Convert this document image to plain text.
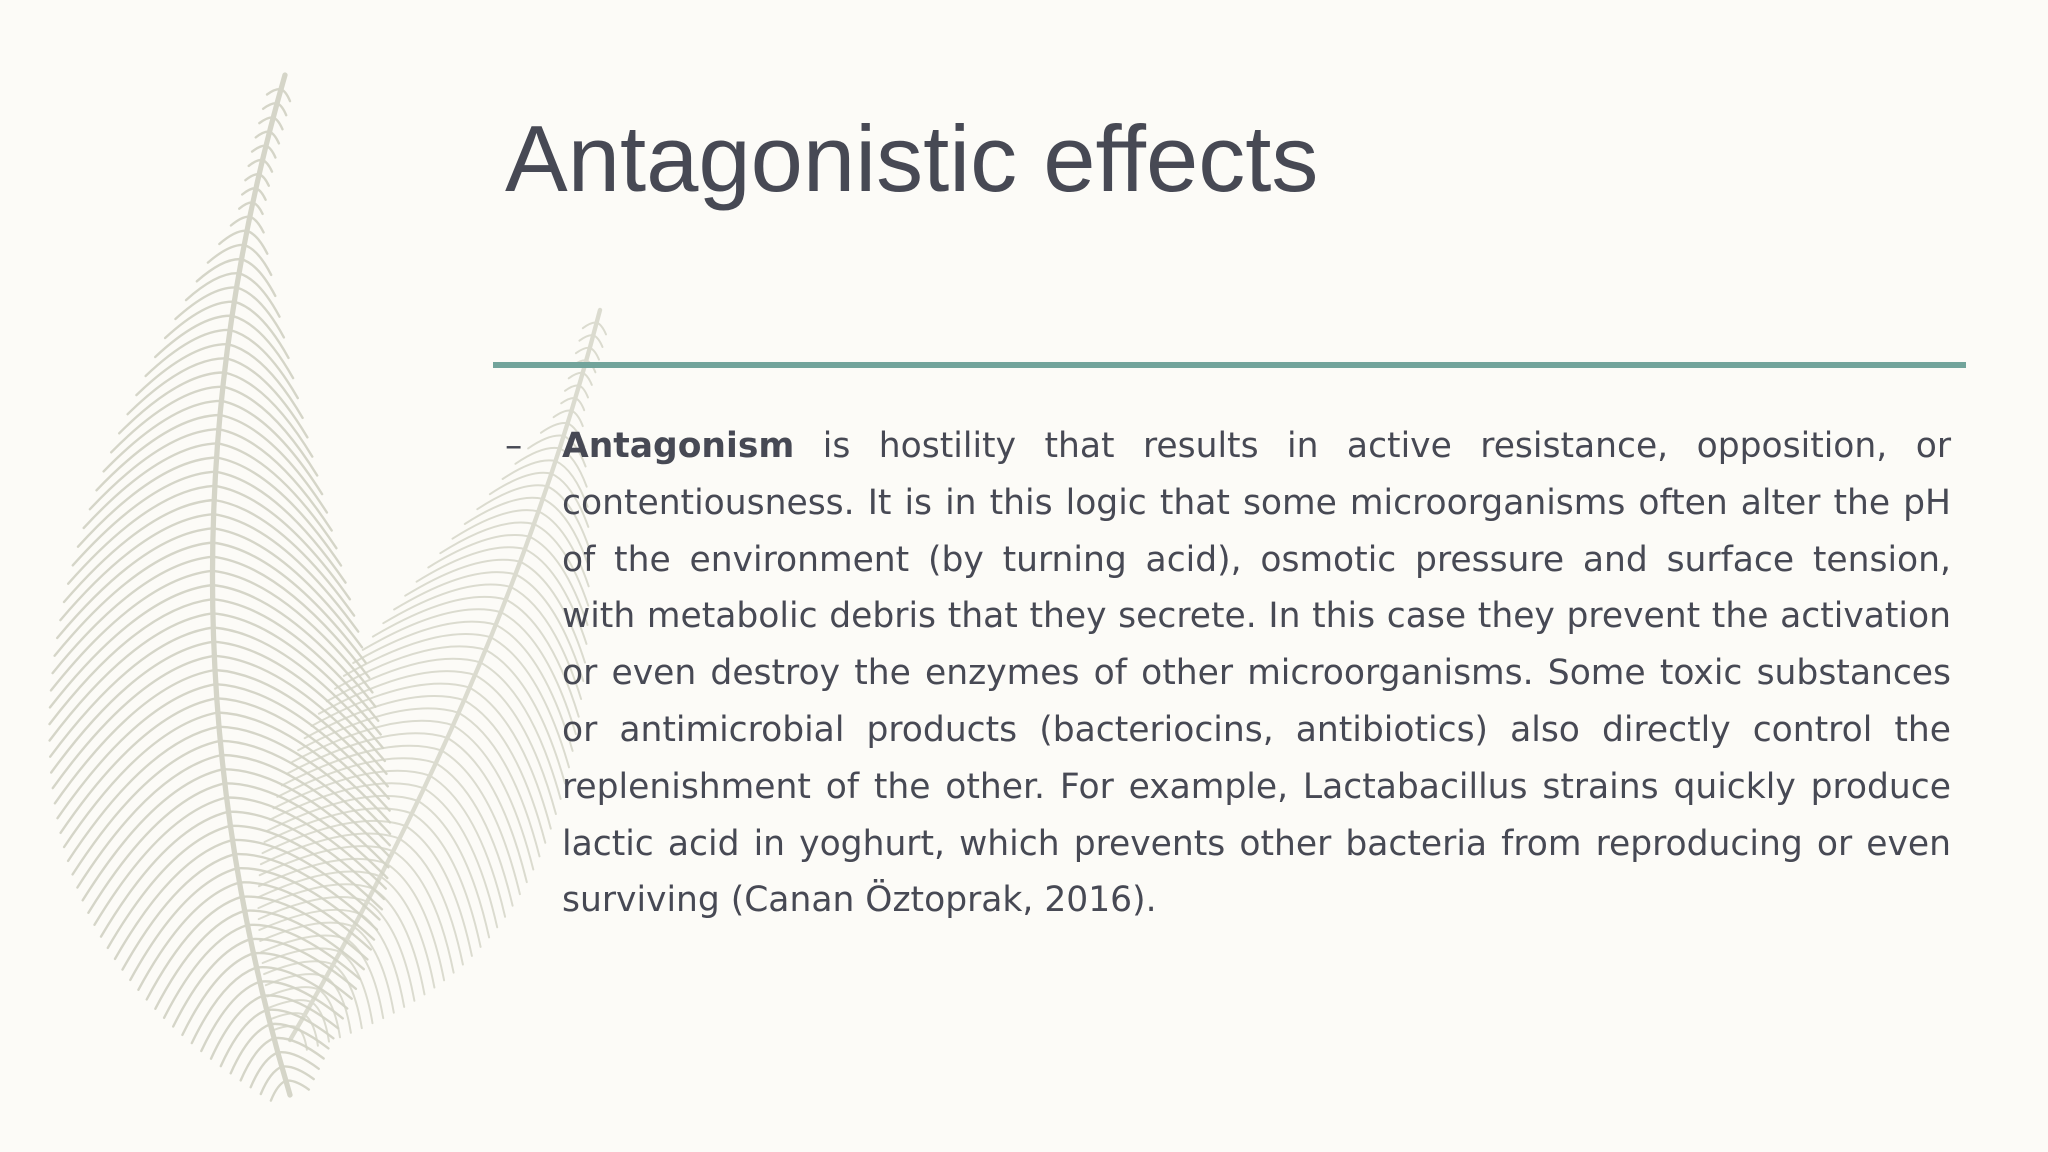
Antagonistic effects
–	Antagonism is hostility that results in active resistance, opposition, or contentiousness. It is in this logic that some microorganisms often alter the pH of the environment (by turning acid), osmotic pressure and surface tension, with metabolic debris that they secrete. In this case they prevent the activation or even destroy the enzymes of other microorganisms. Some toxic substances or antimicrobial products (bacteriocins, antibiotics) also directly control the replenishment of the other. For example, Lactabacillus strains quickly produce lactic acid in yoghurt, which prevents other bacteria from reproducing or even surviving (Canan Öztoprak, 2016).
